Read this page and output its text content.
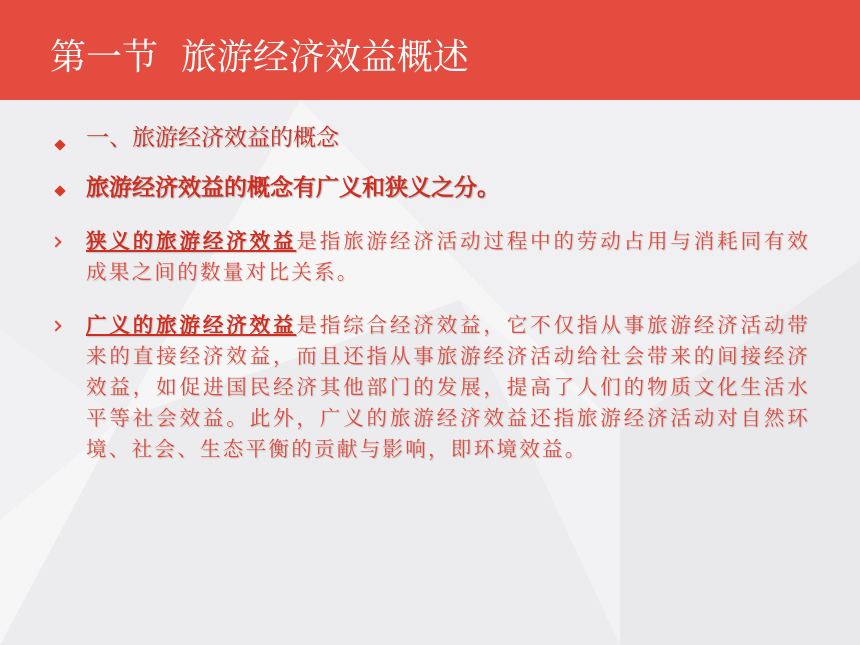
第一节  旅游经济效益概述
一、旅游经济效益的概念
旅游经济效益的概念有广义和狭义之分。
狭义的旅游经济效益是指旅游经济活动过程中的劳动占用与消耗同有效成果之间的数量对比关系。
广义的旅游经济效益是指综合经济效益，它不仅指从事旅游经济活动带来的直接经济效益，而且还指从事旅游经济活动给社会带来的间接经济效益，如促进国民经济其他部门的发展，提高了人们的物质文化生活水平等社会效益。此外，广义的旅游经济效益还指旅游经济活动对自然环境、社会、生态平衡的贡献与影响，即环境效益。
